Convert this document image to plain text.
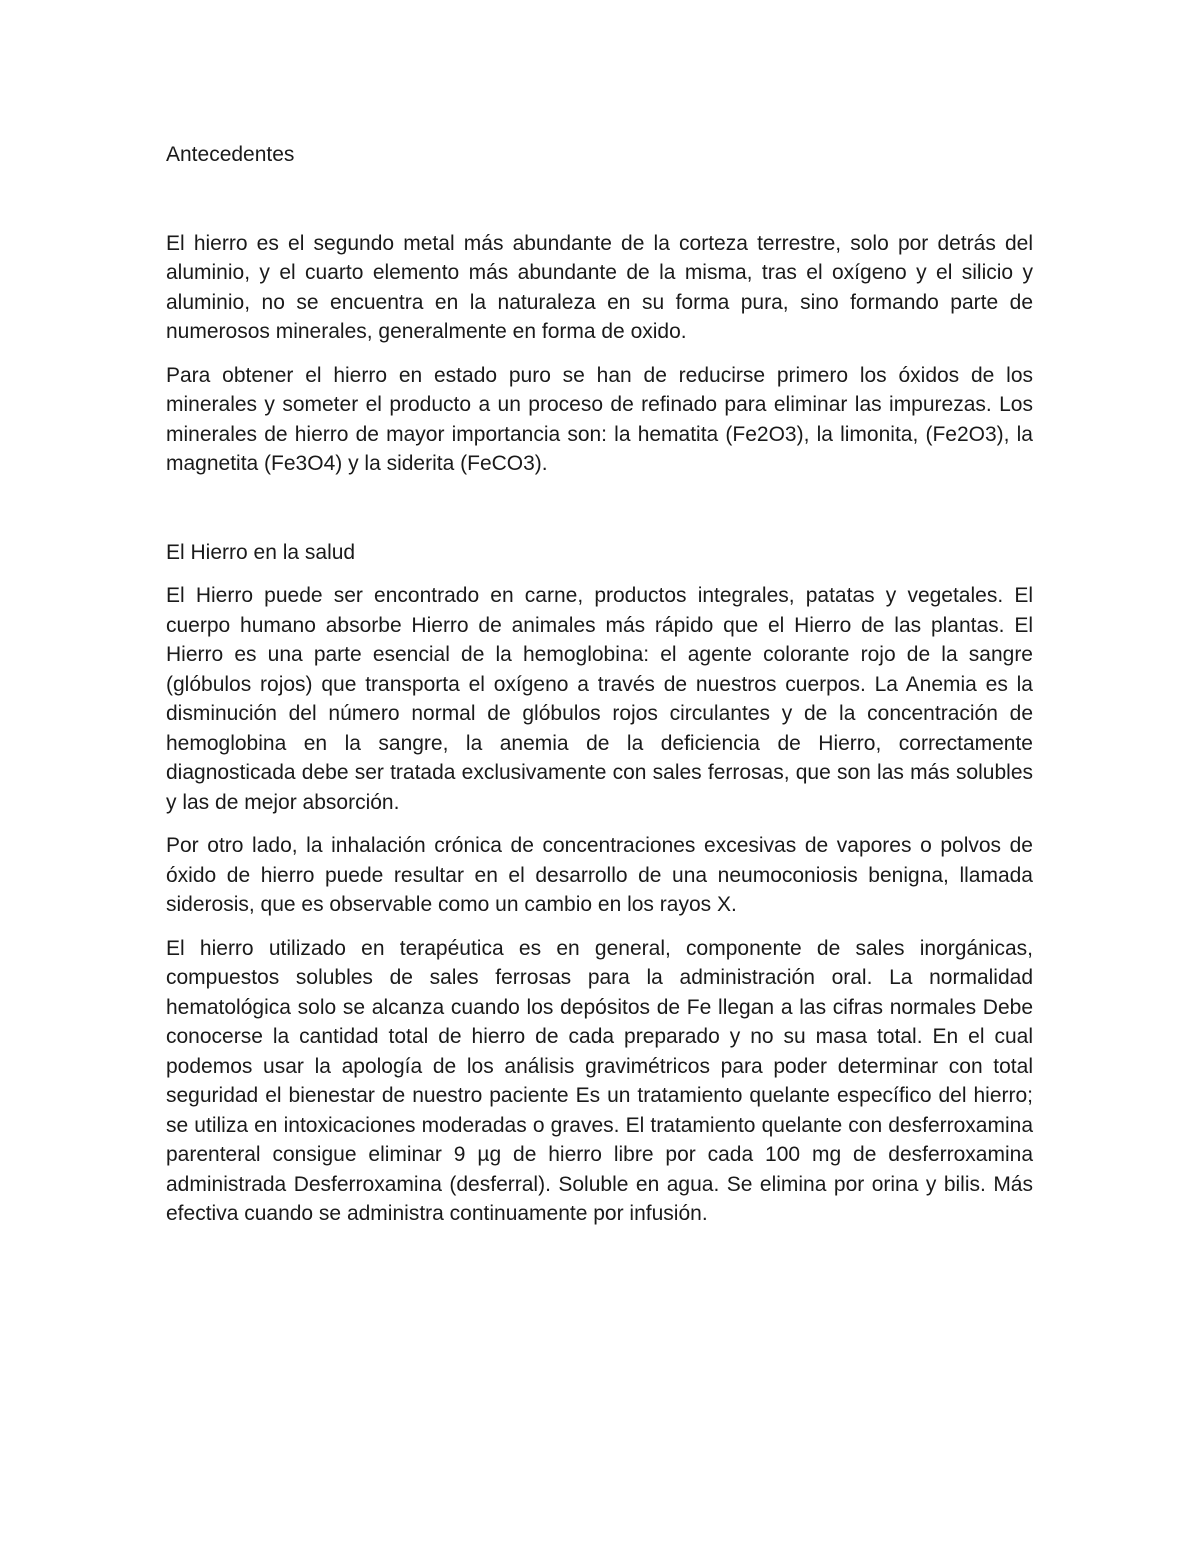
Antecedentes

El hierro es el segundo metal más abundante de la corteza terrestre, solo por detrás del aluminio, y el cuarto elemento más abundante de la misma, tras el oxígeno y el silicio y aluminio, no se encuentra en la naturaleza en su forma pura, sino formando parte de numerosos minerales, generalmente en forma de oxido.

Para obtener el hierro en estado puro se han de reducirse primero los óxidos de los minerales y someter el producto a un proceso de refinado para eliminar las impurezas. Los minerales de hierro de mayor importancia son: la hematita (Fe2O3), la limonita, (Fe2O3), la magnetita (Fe3O4) y la siderita (FeCO3).

El Hierro en la salud

El Hierro puede ser encontrado en carne, productos integrales, patatas y vegetales. El cuerpo humano absorbe Hierro de animales más rápido que el Hierro de las plantas. El Hierro es una parte esencial de la hemoglobina: el agente colorante rojo de la sangre (glóbulos rojos) que transporta el oxígeno a través de nuestros cuerpos. La Anemia es la disminución del número normal de glóbulos rojos circulantes y de la concentración de hemoglobina en la sangre, la anemia de la deficiencia de Hierro, correctamente diagnosticada debe ser tratada exclusivamente con sales ferrosas, que son las más solubles y las de mejor absorción.

Por otro lado, la inhalación crónica de concentraciones excesivas de vapores o polvos de óxido de hierro puede resultar en el desarrollo de una neumoconiosis benigna, llamada siderosis, que es observable como un cambio en los rayos X.

El hierro utilizado en terapéutica es en general, componente de sales inorgánicas, compuestos solubles de sales ferrosas para la administración oral. La normalidad hematológica solo se alcanza cuando los depósitos de Fe llegan a las cifras normales Debe conocerse la cantidad total de hierro de cada preparado y no su masa total. En el cual podemos usar la apología de los análisis gravimétricos para poder determinar con total seguridad el bienestar de nuestro paciente Es un tratamiento quelante específico del hierro; se utiliza en intoxicaciones moderadas o graves. El tratamiento quelante con desferroxamina parenteral consigue eliminar 9 µg de hierro libre por cada 100 mg de desferroxamina administrada Desferroxamina (desferral). Soluble en agua. Se elimina por orina y bilis. Más efectiva cuando se administra continuamente por infusión.
